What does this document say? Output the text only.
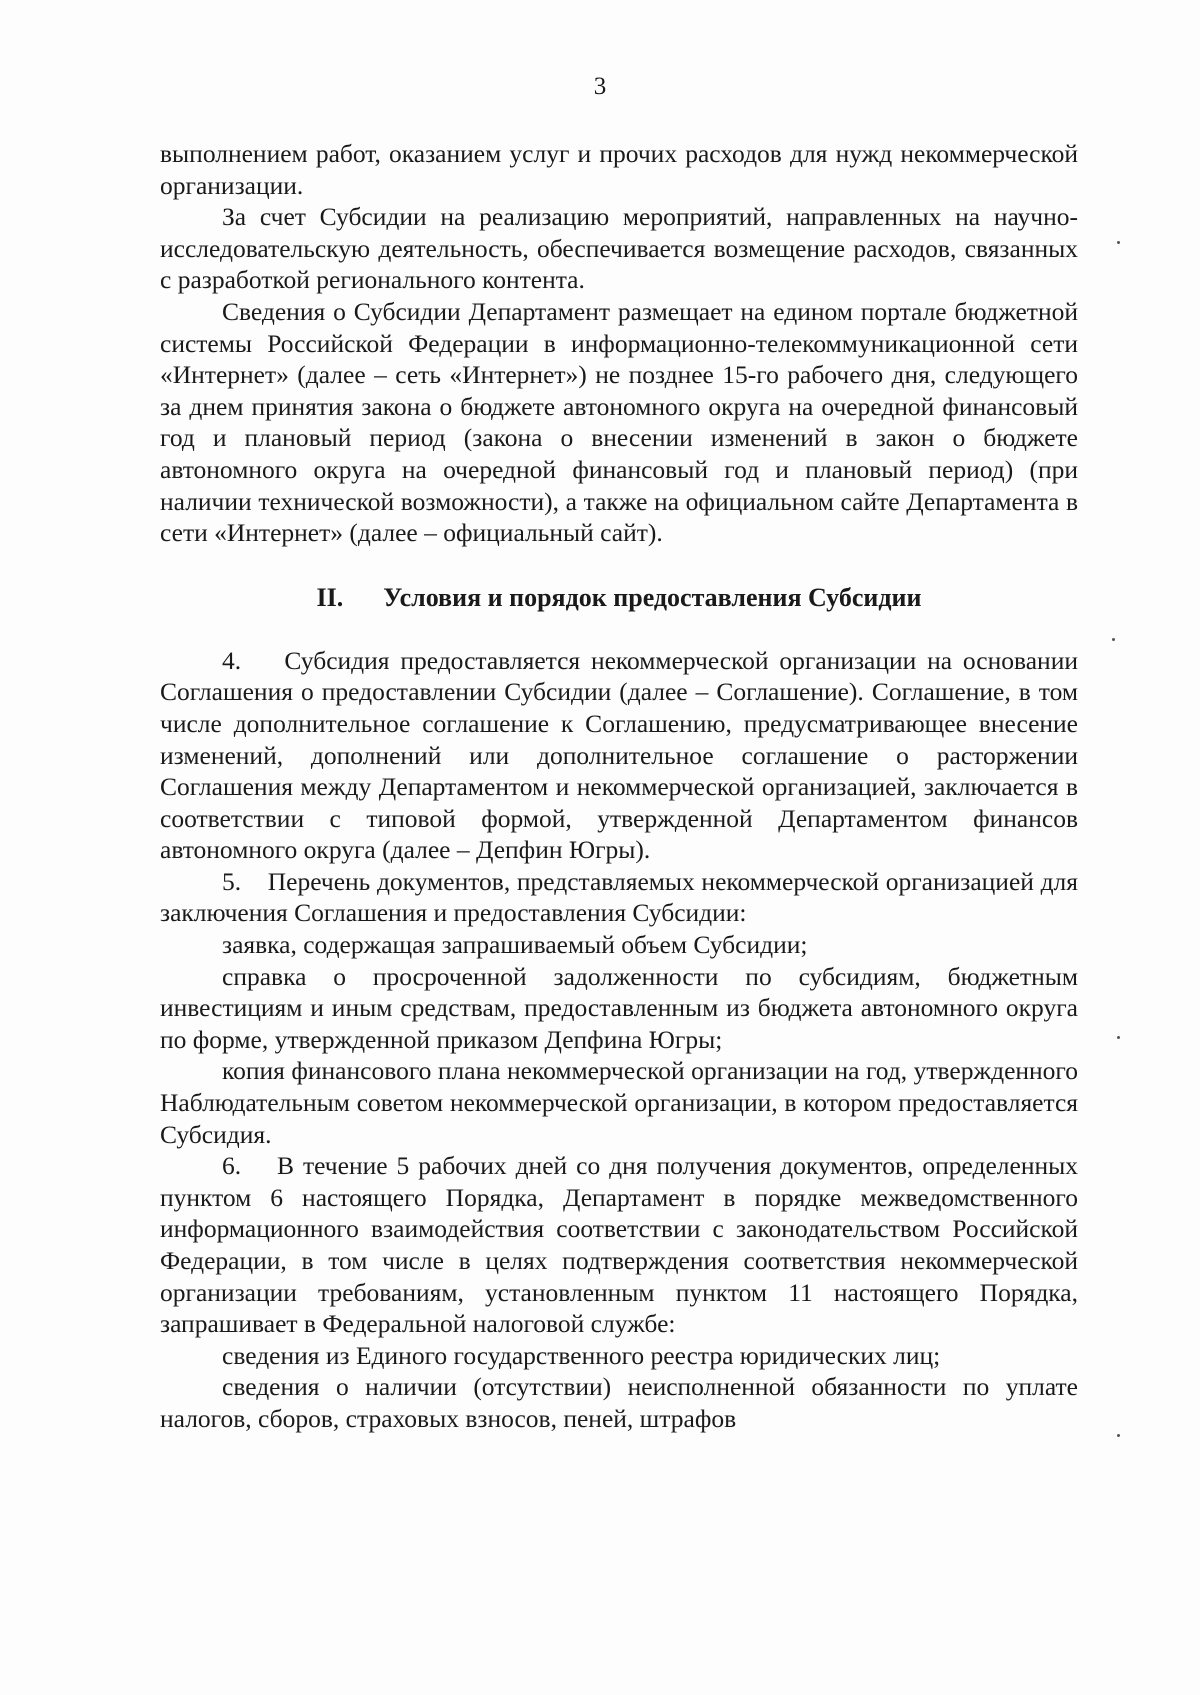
3

выполнением работ, оказанием услуг и прочих расходов для нужд некоммерческой организации.

За счет Субсидии на реализацию мероприятий, направленных на научно-исследовательскую деятельность, обеспечивается возмещение расходов, связанных с разработкой регионального контента.

Сведения о Субсидии Департамент размещает на едином портале бюджетной системы Российской Федерации в информационно-телекоммуникационной сети «Интернет» (далее – сеть «Интернет») не позднее 15-го рабочего дня, следующего за днем принятия закона о бюджете автономного округа на очередной финансовый год и плановый период (закона о внесении изменений в закон о бюджете автономного округа на очередной финансовый год и плановый период) (при наличии технической возможности), а также на официальном сайте Департамента в сети «Интернет» (далее – официальный сайт).

II. Условия и порядок предоставления Субсидии

4.    Субсидия предоставляется некоммерческой организации на основании Соглашения о предоставлении Субсидии (далее – Соглашение). Соглашение, в том числе дополнительное соглашение к Соглашению, предусматривающее внесение изменений, дополнений или дополнительное соглашение о расторжении Соглашения между Департаментом и некоммерческой организацией, заключается в соответствии с типовой формой, утвержденной Департаментом финансов автономного округа (далее – Депфин Югры).

5.    Перечень документов, представляемых некоммерческой организацией для заключения Соглашения и предоставления Субсидии:

заявка, содержащая запрашиваемый объем Субсидии;

справка о просроченной задолженности по субсидиям, бюджетным инвестициям и иным средствам, предоставленным из бюджета автономного округа по форме, утвержденной приказом Депфина Югры;

копия финансового плана некоммерческой организации на год, утвержденного Наблюдательным советом некоммерческой организации, в котором предоставляется Субсидия.

6.    В течение 5 рабочих дней со дня получения документов, определенных пунктом 6 настоящего Порядка, Департамент в порядке межведомственного информационного взаимодействия соответствии с законодательством Российской Федерации, в том числе в целях подтверждения соответствия некоммерческой организации требованиям, установленным пунктом 11 настоящего Порядка, запрашивает в Федеральной налоговой службе:

сведения из Единого государственного реестра юридических лиц;

сведения о наличии (отсутствии) неисполненной обязанности по уплате налогов, сборов, страховых взносов, пеней, штрафов
